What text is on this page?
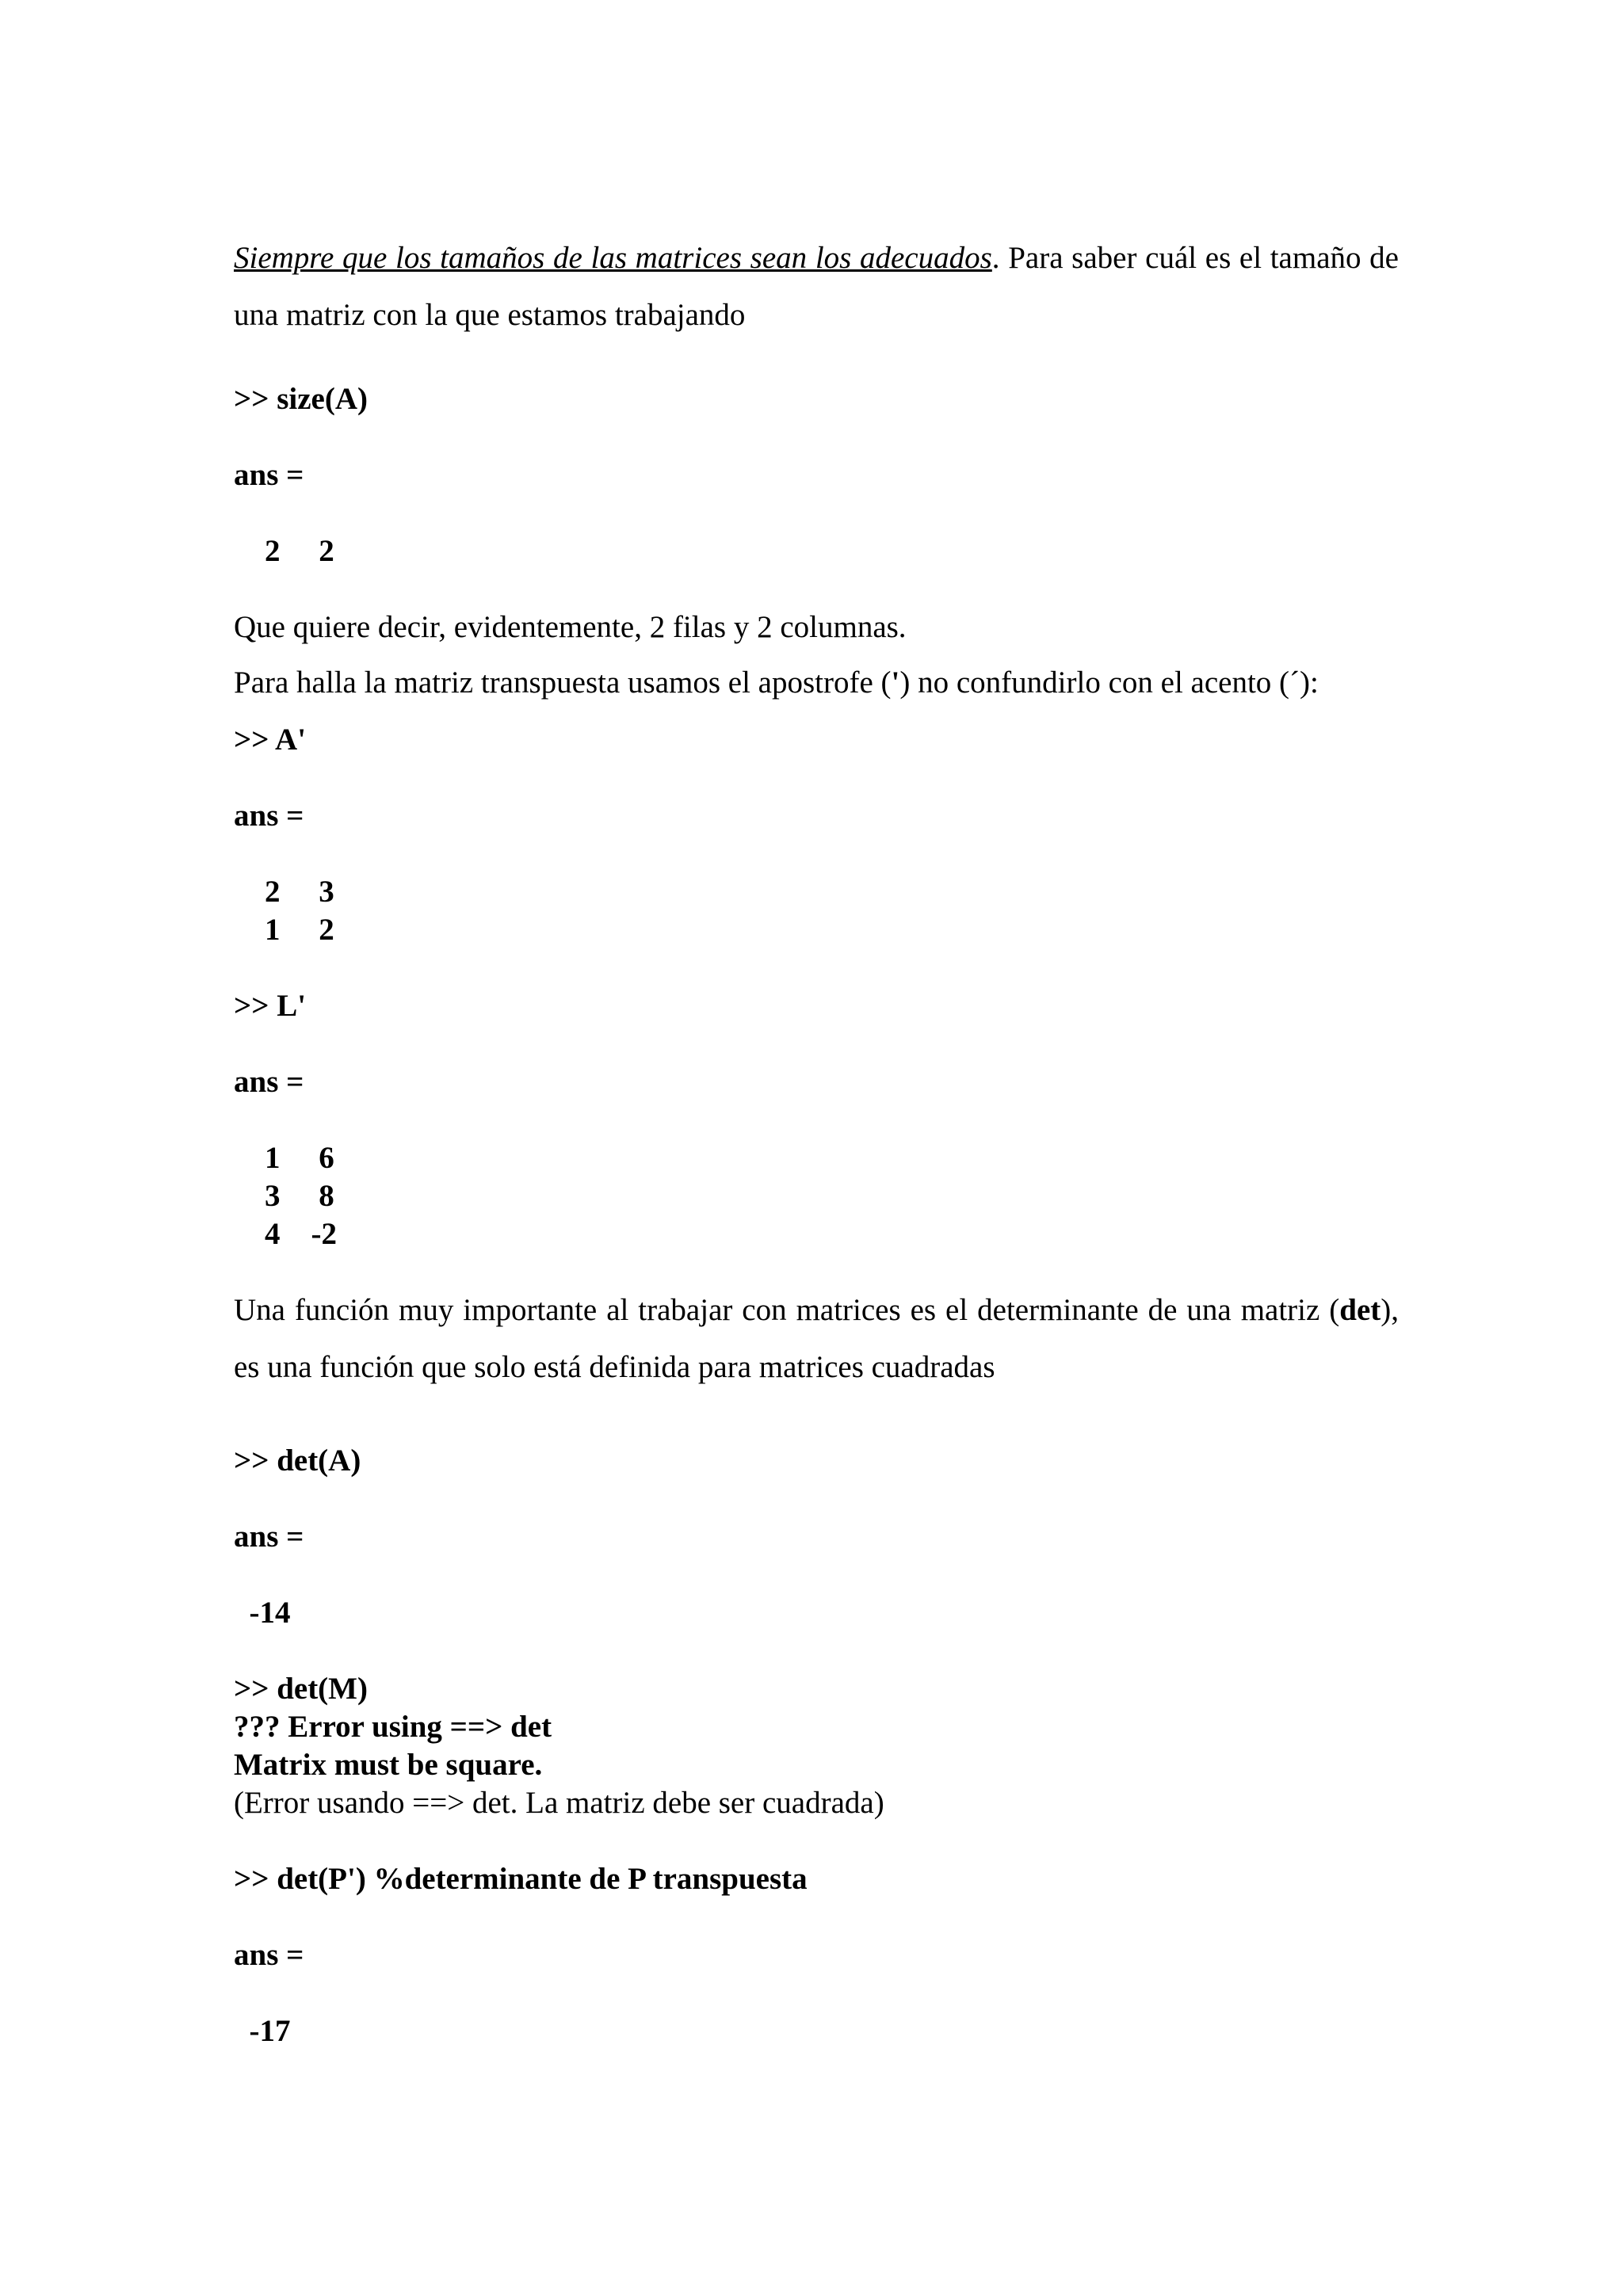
Siempre que los tamaños de las matrices sean los adecuados. Para saber cuál es el tamaño de una matriz con la que estamos trabajando

>> size(A)

ans =

2     2

Que quiere decir, evidentemente, 2 filas y 2 columnas.

Para halla la matriz transpuesta usamos el apostrofe (') no confundirlo con el acento (´):

>> A'

ans =

2     3

1     2

>> L'

ans =

1     6

3     8

4    -2

Una función muy importante al trabajar con matrices es el determinante de una matriz (det), es una función que solo está definida para matrices cuadradas

>> det(A)

ans =

-14

>> det(M)

??? Error using ==> det

Matrix must be square.

(Error usando ==> det. La matriz debe ser cuadrada)

>> det(P') %determinante de P transpuesta

ans =

-17
